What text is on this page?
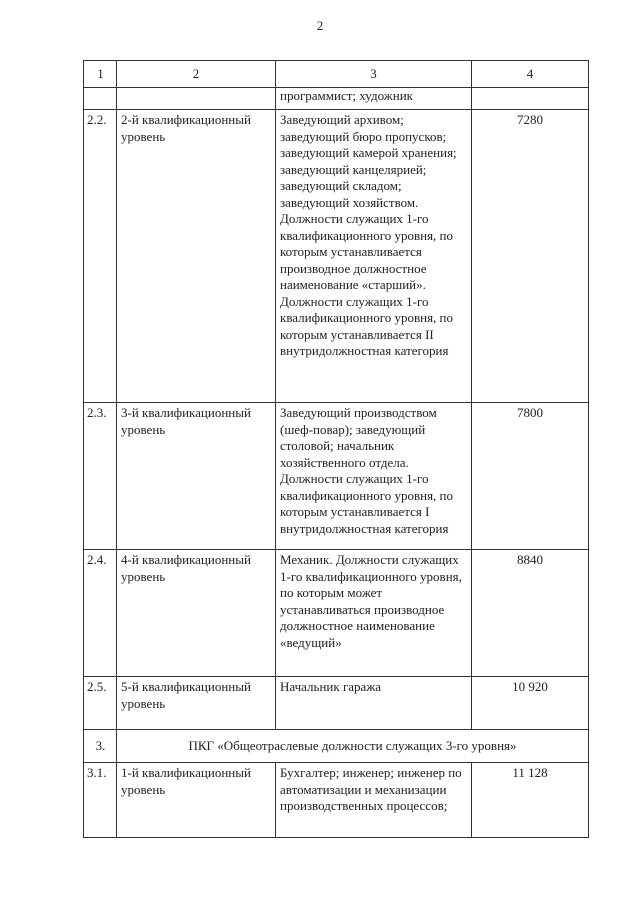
2
1	2	3	4
		программист; художник	
2.2.	2-й квалификационный уровень	Заведующий архивом; заведующий бюро пропусков; заведующий камерой хранения; заведующий канцелярией; заведующий складом; заведующий хозяйством. Должности служащих 1-го квалификационного уровня, по которым устанавливается производное должностное наименование «старший». Должности служащих 1-го квалификационного уровня, по которым устанавливается II внутридолжностная категория	7280
2.3.	3-й квалификационный уровень	Заведующий производством (шеф-повар); заведующий столовой; начальник хозяйственного отдела. Должности служащих 1-го квалификационного уровня, по которым устанавливается I внутридолжностная категория	7800
2.4.	4-й квалификационный уровень	Механик. Должности служащих 1-го квалификационного уровня, по которым может устанавливаться производное должностное наименование «ведущий»	8840
2.5.	5-й квалификационный уровень	Начальник гаража	10 920
3.	ПКГ «Общеотраслевые должности служащих 3-го уровня»		
3.1.	1-й квалификационный уровень	Бухгалтер; инженер; инженер по автоматизации и механизации производственных процессов;	11 128
